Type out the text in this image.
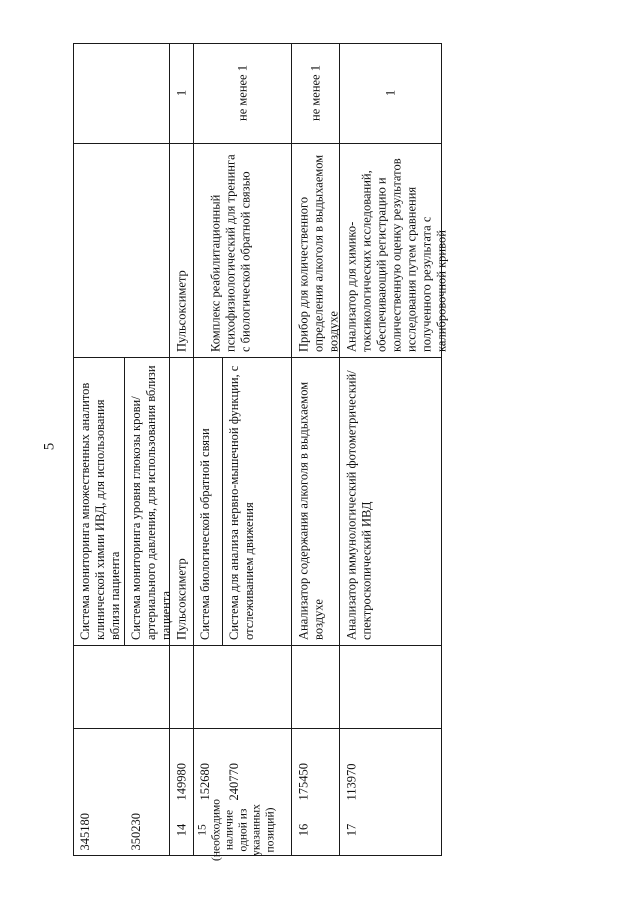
5
345180
Система мониторинга множественных аналитов клинической химии ИВД, для использования вблизи пациента
350230
Система мониторинга уровня глюкозы крови/артериального давления, для использования вблизи пациента
14
149980
Пульсоксиметр
Пульсоксиметр
1
15
(необходимо наличие одной из указанных позиций)
152680
Система биологической обратной связи
240770
Система для анализа нервно-мышечной функции, с отслеживанием движения
Комплекс реабилитационный психофизиологический для тренинга с биологической обратной связью
не менее 1
16
175450
Анализатор содержания алкоголя в выдыхаемом воздухе
Прибор для количественного определения алкоголя в выдыхаемом воздухе
не менее 1
17
113970
Анализатор иммунологический фотометрический/спектроскопический ИВД
Анализатор для химико-токсикологических исследований, обеспечивающий регистрацию и количественную оценку результатов исследования путем сравнения полученного результата с калибровочной кривой
1
